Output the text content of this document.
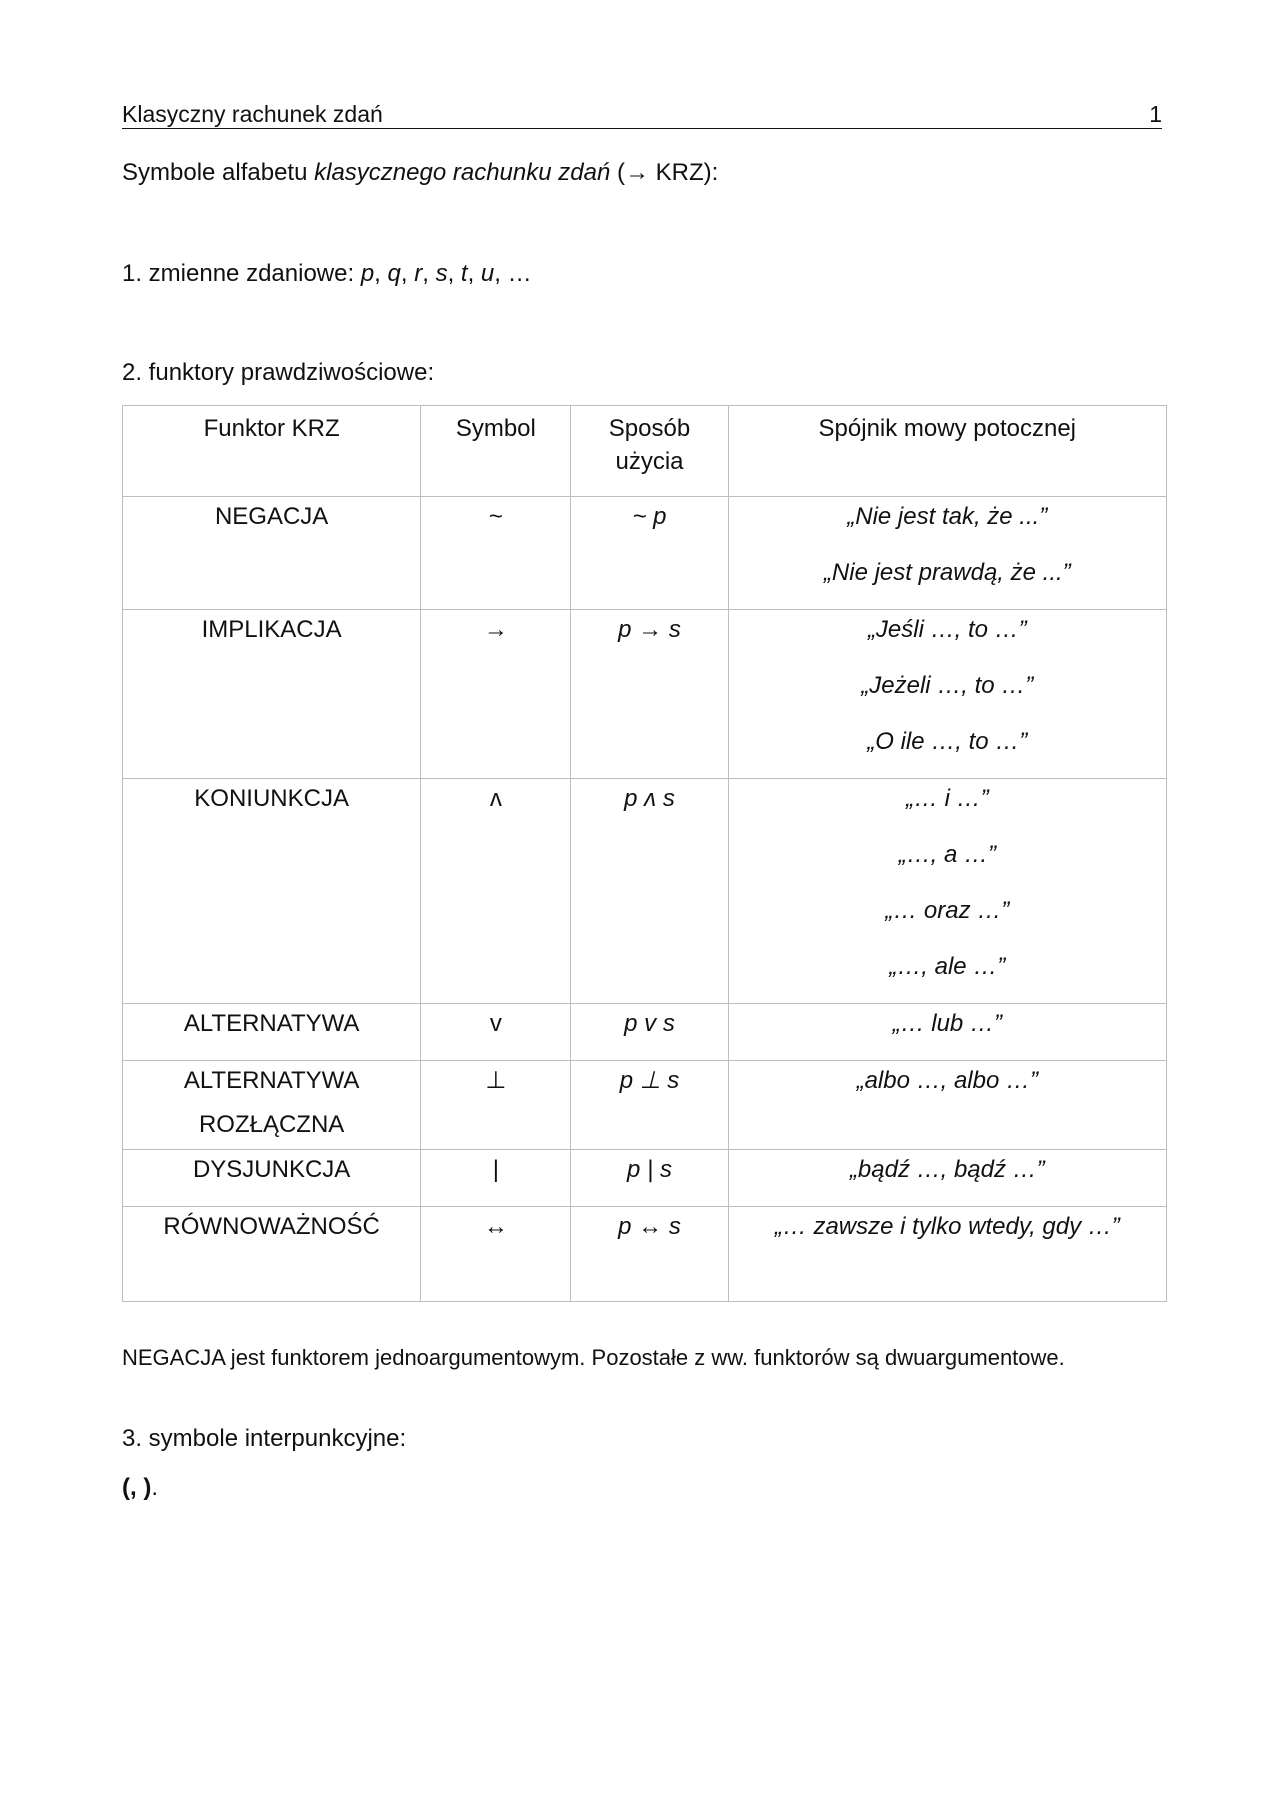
Klasyczny rachunek zdań	1
Symbole alfabetu klasycznego rachunku zdań (→ KRZ):
1. zmienne zdaniowe: p, q, r, s, t, u, …
2. funktory prawdziwościowe:
Funktor KRZ	Symbol	Sposób użycia	Spójnik mowy potocznej

NEGACJA	~	~ p	„Nie jest tak, że ...”
„Nie jest prawdą, że ...”

IMPLIKACJA	→	p → s	„Jeśli …, to …”
„Jeżeli …, to …”
„O ile …, to …”

KONIUNKCJA	ʌ	p ʌ s	„… i …”
„…, a …”
„… oraz …”
„…, ale …”

ALTERNATYWA	v	p v s	„… lub …”

ALTERNATYWA
ROZŁĄCZNA	⊥	p ⊥ s	„albo …, albo …”

DYSJUNKCJA	|	p | s	„bądź …, bądź …”

RÓWNOWAŻNOŚĆ	↔	p ↔ s	„… zawsze i tylko wtedy, gdy …”
NEGACJA jest funktorem jednoargumentowym. Pozostałe z ww. funktorów są dwuargumentowe.
3. symbole interpunkcyjne:
(, ).
